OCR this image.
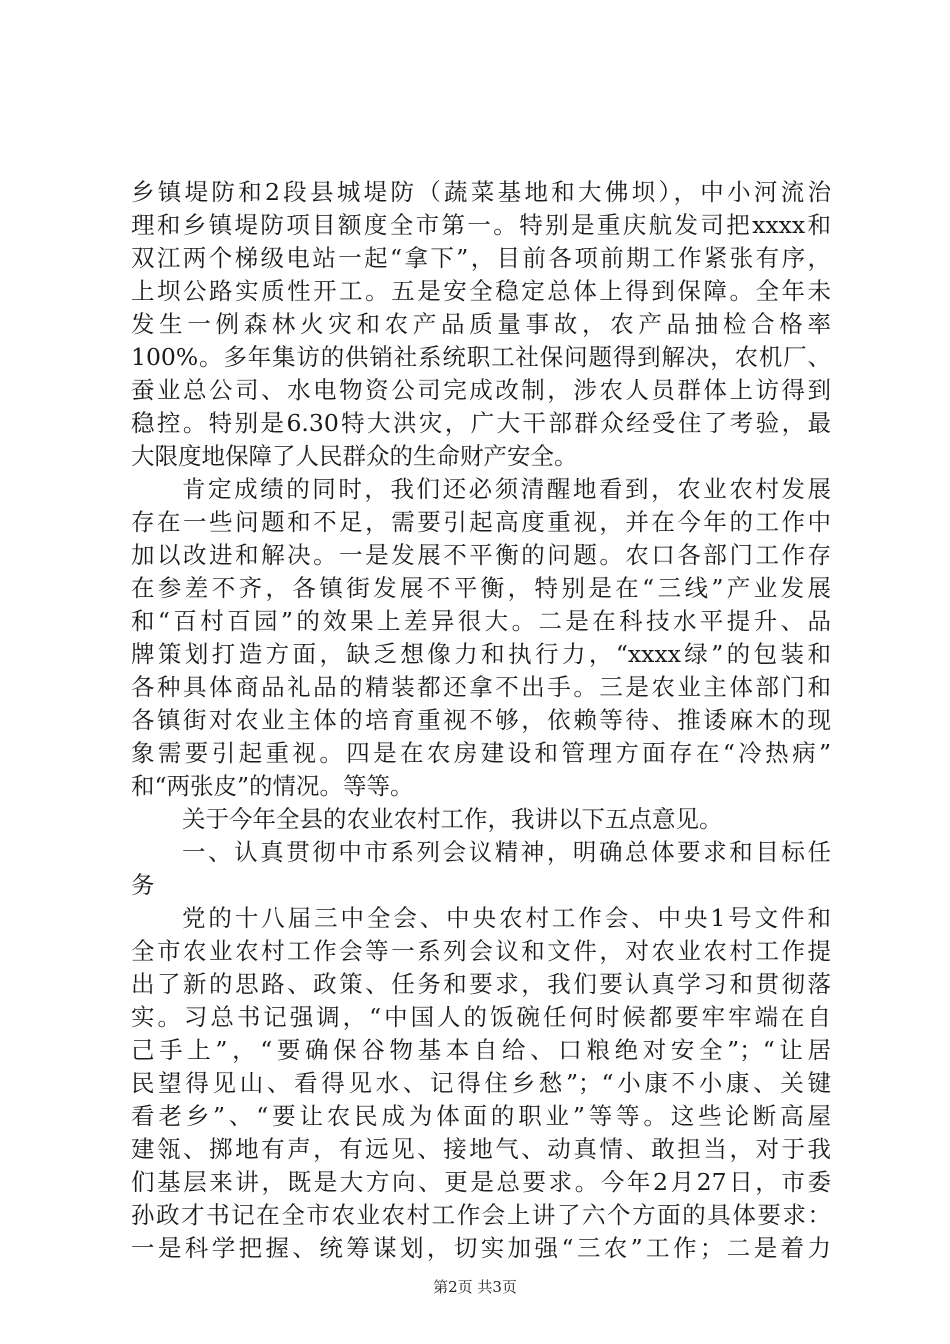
乡镇堤防和2段县城堤防（蔬菜基地和大佛坝），中小河流治
理和乡镇堤防项目额度全市第一。特别是重庆航发司把xxxx和
双江两个梯级电站一起“拿下”，目前各项前期工作紧张有序，
上坝公路实质性开工。五是安全稳定总体上得到保障。全年未
发生一例森林火灾和农产品质量事故，农产品抽检合格率
100%。多年集访的供销社系统职工社保问题得到解决，农机厂、
蚕业总公司、水电物资公司完成改制，涉农人员群体上访得到
稳控。特别是6.30特大洪灾，广大干部群众经受住了考验，最
大限度地保障了人民群众的生命财产安全。
肯定成绩的同时，我们还必须清醒地看到，农业农村发展
存在一些问题和不足，需要引起高度重视，并在今年的工作中
加以改进和解决。一是发展不平衡的问题。农口各部门工作存
在参差不齐，各镇街发展不平衡，特别是在“三线”产业发展
和“百村百园”的效果上差异很大。二是在科技水平提升、品
牌策划打造方面，缺乏想像力和执行力，“xxxx绿”的包装和
各种具体商品礼品的精装都还拿不出手。三是农业主体部门和
各镇街对农业主体的培育重视不够，依赖等待、推诿麻木的现
象需要引起重视。四是在农房建设和管理方面存在“冷热病”
和“两张皮”的情况。等等。
关于今年全县的农业农村工作，我讲以下五点意见。
一、认真贯彻中市系列会议精神，明确总体要求和目标任
务
党的十八届三中全会、中央农村工作会、中央1号文件和
全市农业农村工作会等一系列会议和文件，对农业农村工作提
出了新的思路、政策、任务和要求，我们要认真学习和贯彻落
实。习总书记强调，“中国人的饭碗任何时候都要牢牢端在自
己手上”，“要确保谷物基本自给、口粮绝对安全”；“让居
民望得见山、看得见水、记得住乡愁”；“小康不小康、关键
看老乡”、“要让农民成为体面的职业”等等。这些论断高屋
建瓴、掷地有声，有远见、接地气、动真情、敢担当，对于我
们基层来讲，既是大方向、更是总要求。今年2月27日，市委
孙政才书记在全市农业农村工作会上讲了六个方面的具体要求：
一是科学把握、统筹谋划，切实加强“三农”工作；二是着力
第2页 共3页
